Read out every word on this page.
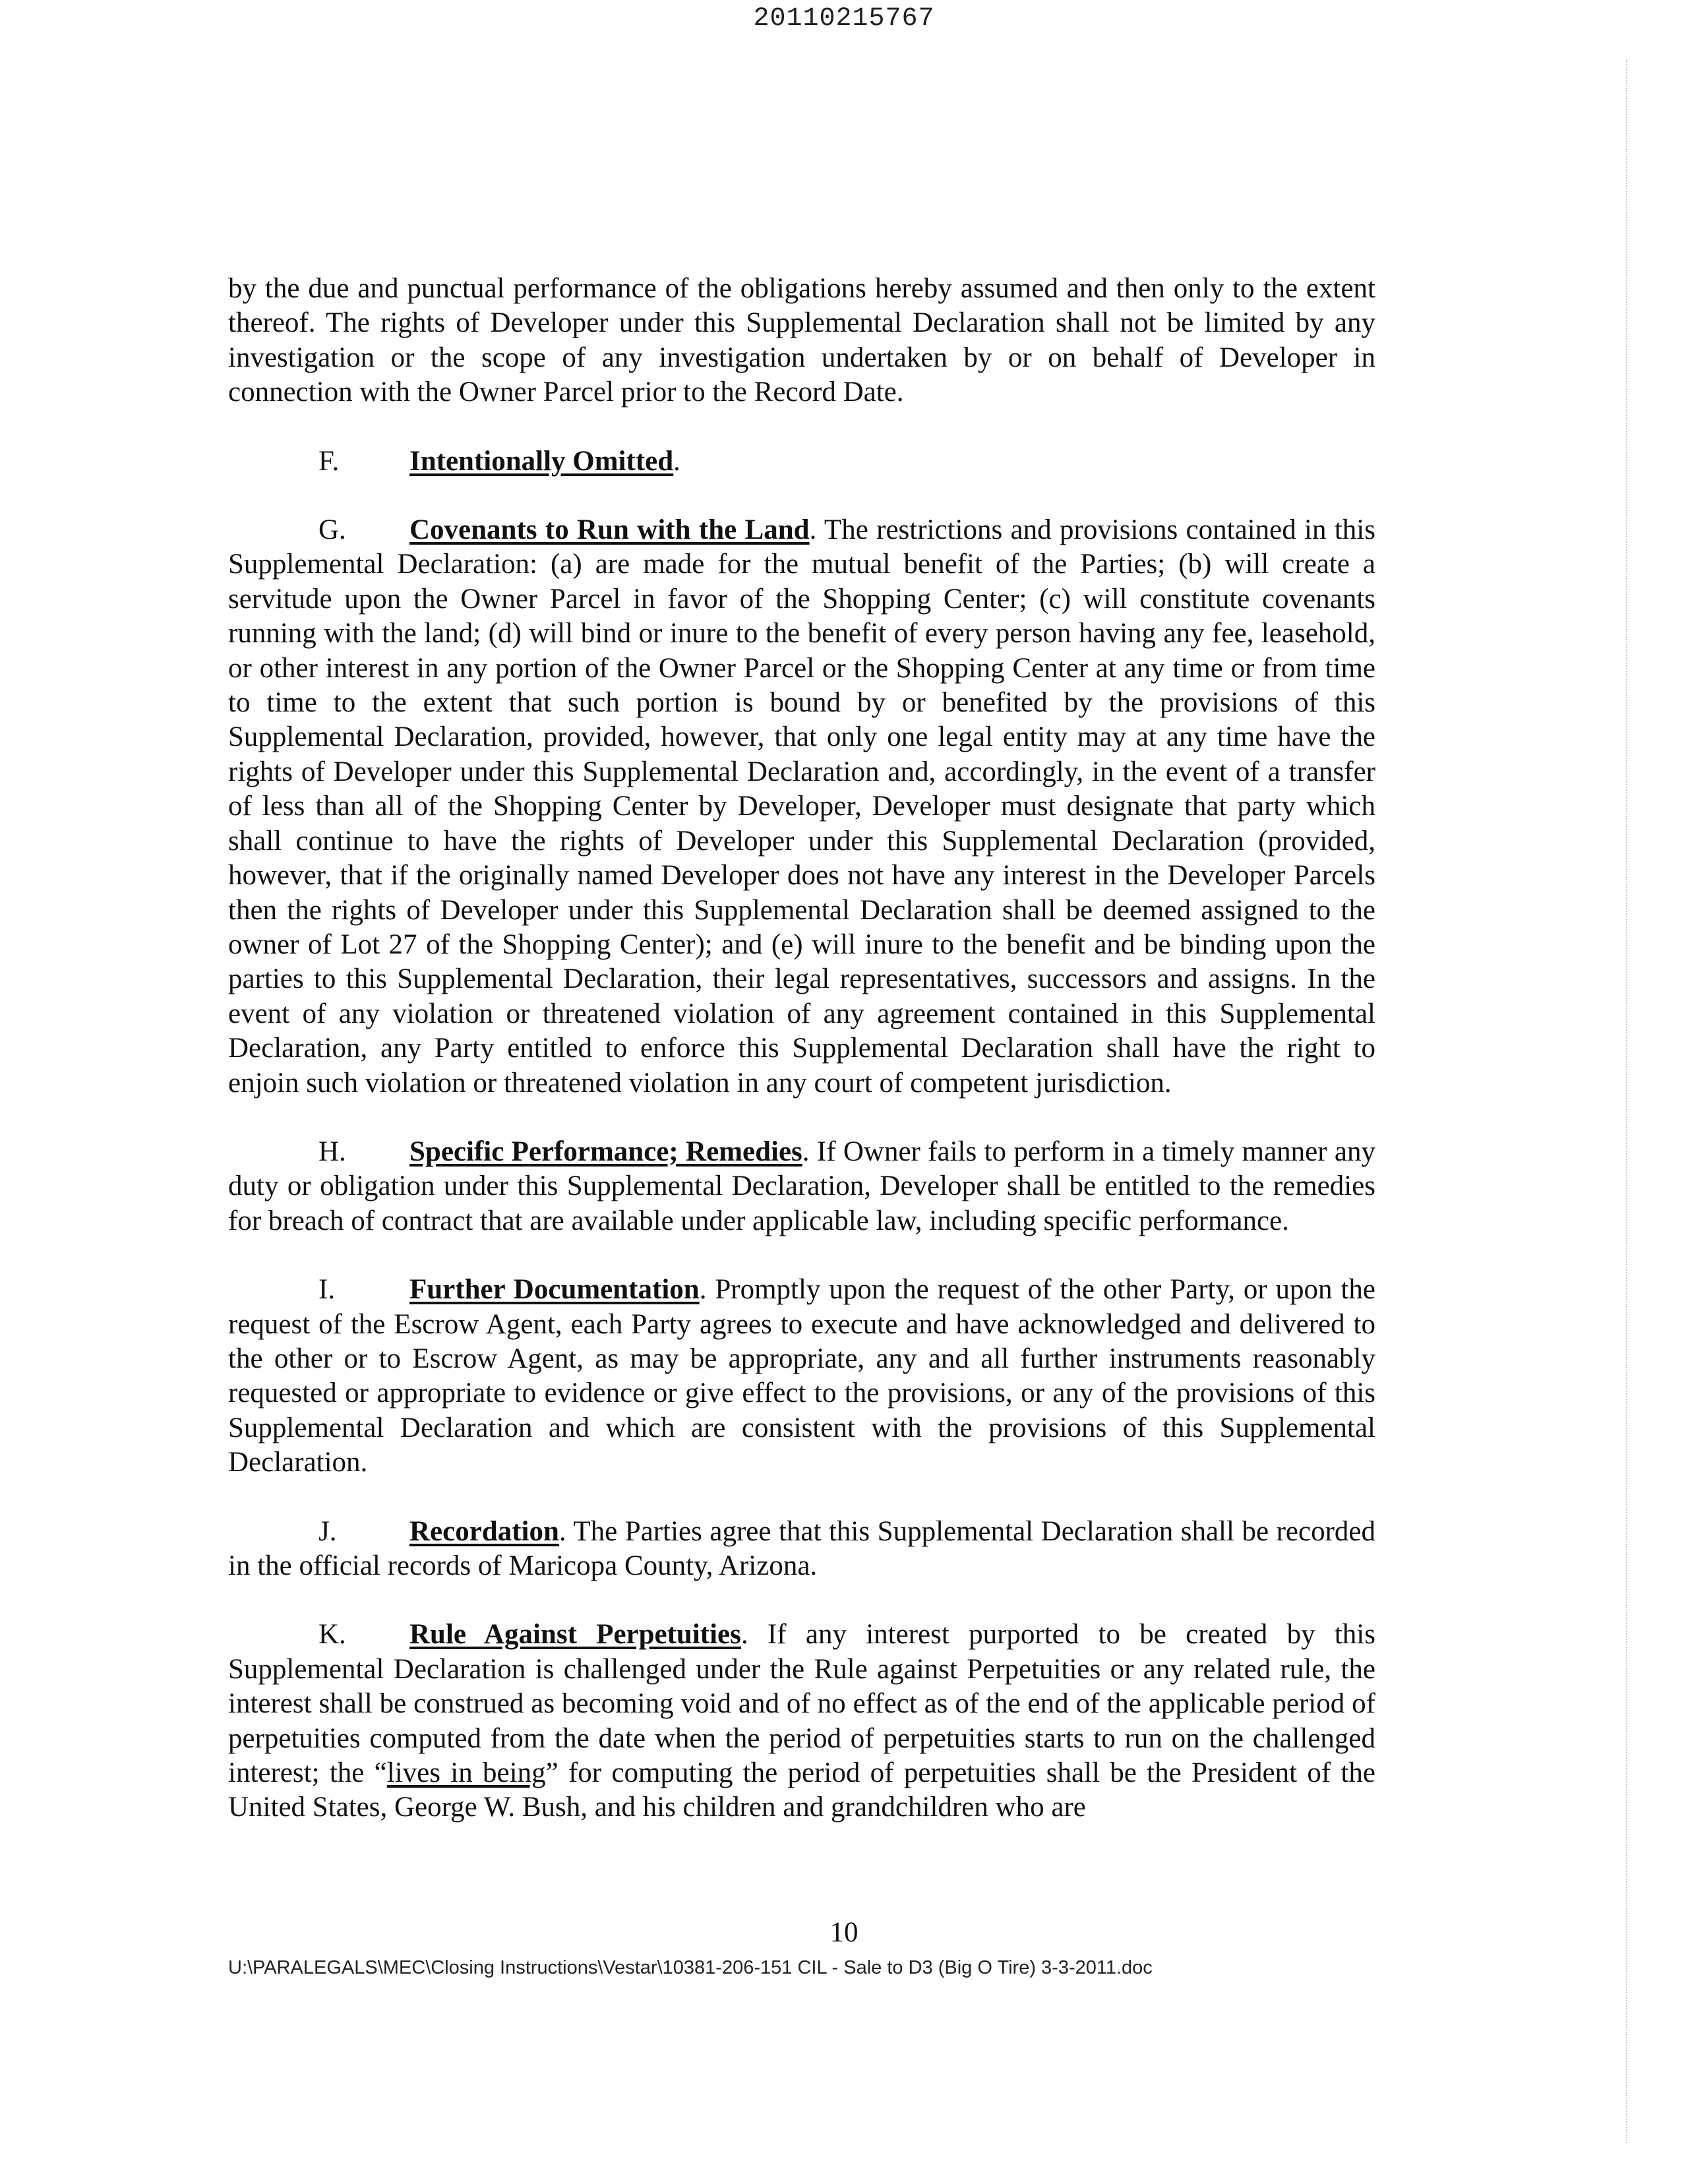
20110215767

by the due and punctual performance of the obligations hereby assumed and then only to the extent thereof. The rights of Developer under this Supplemental Declaration shall not be limited by any investigation or the scope of any investigation undertaken by or on behalf of Developer in connection with the Owner Parcel prior to the Record Date.

F. Intentionally Omitted.

G. Covenants to Run with the Land. The restrictions and provisions contained in this Supplemental Declaration: (a) are made for the mutual benefit of the Parties; (b) will create a servitude upon the Owner Parcel in favor of the Shopping Center; (c) will constitute covenants running with the land; (d) will bind or inure to the benefit of every person having any fee, leasehold, or other interest in any portion of the Owner Parcel or the Shopping Center at any time or from time to time to the extent that such portion is bound by or benefited by the provisions of this Supplemental Declaration, provided, however, that only one legal entity may at any time have the rights of Developer under this Supplemental Declaration and, accordingly, in the event of a transfer of less than all of the Shopping Center by Developer, Developer must designate that party which shall continue to have the rights of Developer under this Supplemental Declaration (provided, however, that if the originally named Developer does not have any interest in the Developer Parcels then the rights of Developer under this Supplemental Declaration shall be deemed assigned to the owner of Lot 27 of the Shopping Center); and (e) will inure to the benefit and be binding upon the parties to this Supplemental Declaration, their legal representatives, successors and assigns. In the event of any violation or threatened violation of any agreement contained in this Supplemental Declaration, any Party entitled to enforce this Supplemental Declaration shall have the right to enjoin such violation or threatened violation in any court of competent jurisdiction.

H. Specific Performance; Remedies. If Owner fails to perform in a timely manner any duty or obligation under this Supplemental Declaration, Developer shall be entitled to the remedies for breach of contract that are available under applicable law, including specific performance.

I.	Further Documentation. Promptly upon the request of the other Party, or upon the request of the Escrow Agent, each Party agrees to execute and have acknowledged and delivered to the other or to Escrow Agent, as may be appropriate, any and all further instruments reasonably requested or appropriate to evidence or give effect to the provisions, or any of the provisions of this Supplemental Declaration and which are consistent with the provisions of this Supplemental Declaration.

J.	Recordation. The Parties agree that this Supplemental Declaration shall be recorded in the official records of Maricopa County, Arizona.

K. Rule Against Perpetuities. If any interest purported to be created by this Supplemental Declaration is challenged under the Rule against Perpetuities or any related rule, the interest shall be construed as becoming void and of no effect as of the end of the applicable period of perpetuities computed from the date when the period of perpetuities starts to run on the challenged interest; the “lives in being” for computing the period of perpetuities shall be the President of the United States, George W. Bush, and his children and grandchildren who are

10
U:\PARALEGALS\MEC\Closing Instructions\Vestar\10381-206-151 CIL - Sale to D3 (Big O Tire) 3-3-2011.doc
